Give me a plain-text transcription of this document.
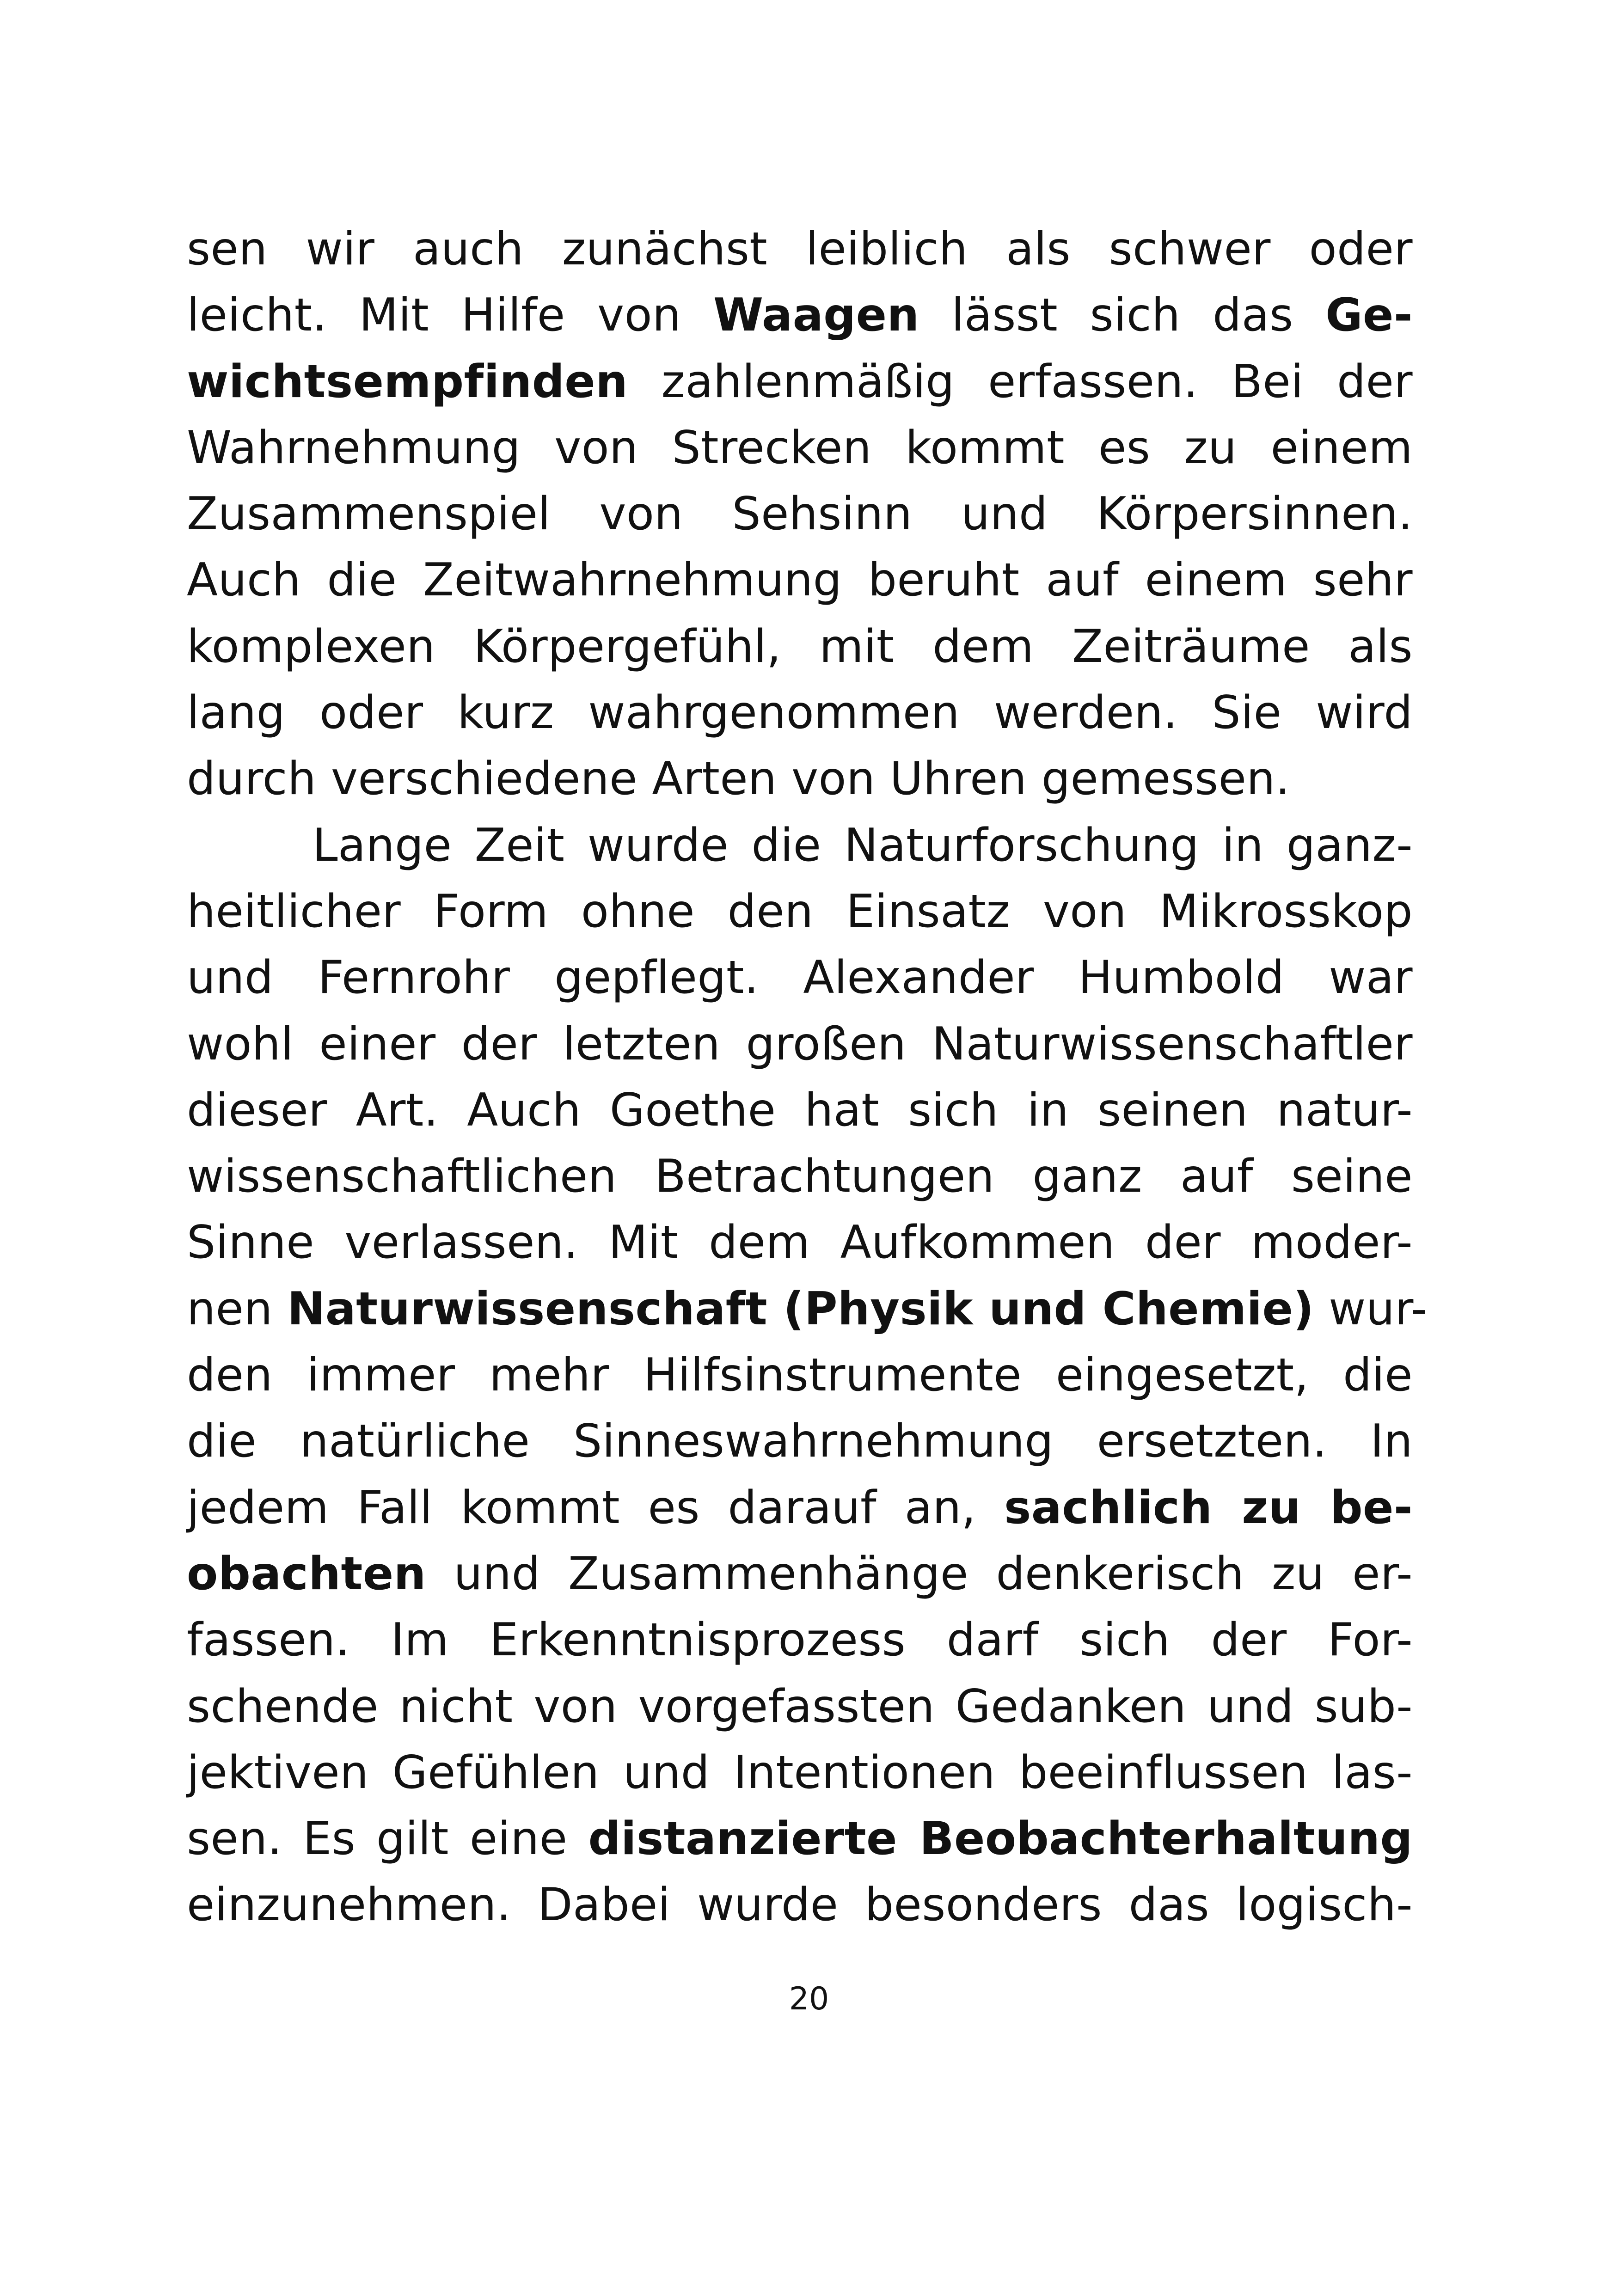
sen wir auch zunächst leiblich als schwer oder
leicht. Mit Hilfe von Waagen lässt sich das Ge-
wichtsempfinden zahlenmäßig erfassen. Bei der
Wahrnehmung von Strecken kommt es zu einem
Zusammenspiel von Sehsinn und Körpersinnen.
Auch die Zeitwahrnehmung beruht auf einem sehr
komplexen Körpergefühl, mit dem Zeiträume als
lang oder kurz wahrgenommen werden. Sie wird
durch verschiedene Arten von Uhren gemessen.
Lange Zeit wurde die Naturforschung in ganz-
heitlicher Form ohne den Einsatz von Mikrosskop
und Fernrohr gepflegt. Alexander Humbold war
wohl einer der letzten großen Naturwissenschaftler
dieser Art. Auch Goethe hat sich in seinen natur-
wissenschaftlichen Betrachtungen ganz auf seine
Sinne verlassen. Mit dem Aufkommen der moder-
nen Naturwissenschaft (Physik und Chemie) wur-
den immer mehr Hilfsinstrumente eingesetzt, die
die natürliche Sinneswahrnehmung ersetzten. In
jedem Fall kommt es darauf an, sachlich zu be-
obachten und Zusammenhänge denkerisch zu er-
fassen. Im Erkenntnisprozess darf sich der For-
schende nicht von vorgefassten Gedanken und sub-
jektiven Gefühlen und Intentionen beeinflussen las-
sen. Es gilt eine distanzierte Beobachterhaltung
einzunehmen. Dabei wurde besonders das logisch-
20
